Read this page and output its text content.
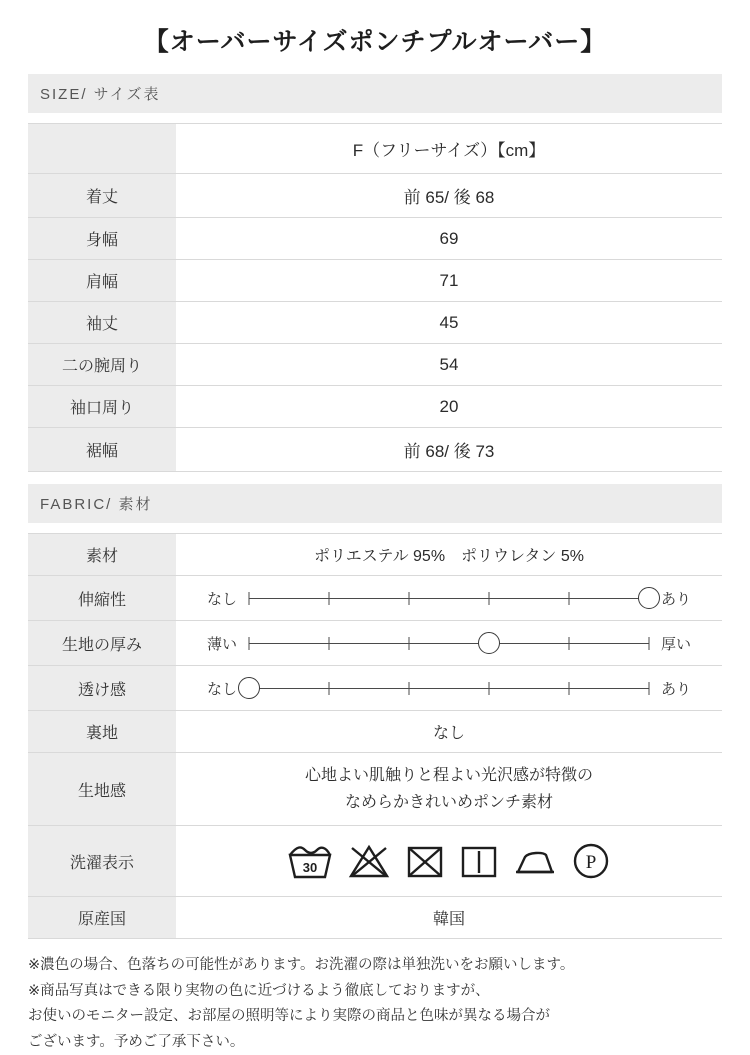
【オーバーサイズポンチプルオーバー】
SIZE/ サイズ表
	F（フリーサイズ）【cm】
着丈	前 65/ 後 68
身幅	69
肩幅	71
袖丈	45
二の腕周り	54
袖口周り	20
裾幅	前 68/ 後 73
FABRIC/ 素材
素材	ポリエステル 95%　ポリウレタン 5%
伸縮性	なし あり

生地の厚み	薄い 厚い

透け感	なし あり

裏地	なし
生地感	心地よい肌触りと程よい光沢感が特徴の
なめらかきれいめポンチ素材

洗濯表示	30 P

原産国	韓国
※濃色の場合、色落ちの可能性があります。お洗濯の際は単独洗いをお願いします。
※商品写真はできる限り実物の色に近づけるよう徹底しておりますが、
お使いのモニター設定、お部屋の照明等により実際の商品と色味が異なる場合が
ございます。予めご了承下さい。
